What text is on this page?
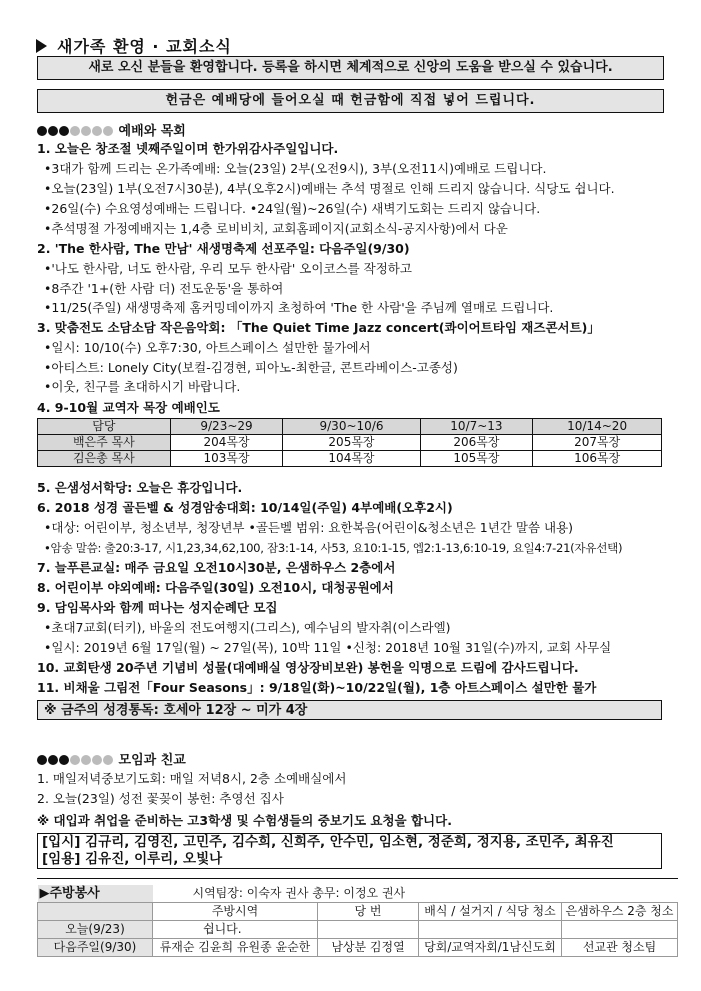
새가족 환영 · 교회소식
새로 오신 분들을 환영합니다. 등록을 하시면 체계적으로 신앙의 도움을 받으실 수 있습니다.
헌금은 예배당에 들어오실 때 헌금함에 직접 넣어 드립니다.
예배와 목회
1. 오늘은 창조절 넷째주일이며 한가위감사주일입니다.
•3대가 함께 드리는 온가족예배: 오늘(23일) 2부(오전9시), 3부(오전11시)예배로 드립니다.
•오늘(23일) 1부(오전7시30분), 4부(오후2시)예배는 추석 명절로 인해 드리지 않습니다. 식당도 쉽니다.
•26일(수) 수요영성예배는 드립니다. •24일(월)~26일(수) 새벽기도회는 드리지 않습니다.
•추석명절 가정예배지는 1,4층 로비비치, 교회홈페이지(교회소식-공지사항)에서 다운
2. 'The 한사람, The 만남' 새생명축제 선포주일: 다음주일(9/30)
•'나도 한사람, 너도 한사람, 우리 모두 한사람' 오이코스를 작정하고
•8주간 '1+(한 사람 더) 전도운동'을 통하여
•11/25(주일) 새생명축제 홈커밍데이까지 초청하여 'The 한 사람'을 주님께 열매로 드립니다.
3. 맞춤전도 소담소담 작은음악회: 「The Quiet Time Jazz concert(콰이어트타임 재즈콘서트)」
•일시: 10/10(수) 오후7:30, 아트스페이스 설만한 물가에서
•아티스트: Lonely City(보컬-김경현, 피아노-최한글, 콘트라베이스-고종성)
•이웃, 친구를 초대하시기 바랍니다.
4. 9-10월 교역자 목장 예배인도
담당	9/23~29	9/30~10/6	10/7~13	10/14~20
백은주 목사	204목장	205목장	206목장	207목장
김은총 목사	103목장	104목장	105목장	106목장
5. 은샘성서학당: 오늘은 휴강입니다.
6. 2018 성경 골든벨 & 성경암송대회: 10/14일(주일) 4부예배(오후2시)
•대상: 어린이부, 청소년부, 청장년부 •골든벨 범위: 요한복음(어린이&청소년은 1년간 말씀 내용)
•암송 말씀: 출20:3-17, 시1,23,34,62,100, 잠3:1-14, 사53, 요10:1-15, 엡2:1-13,6:10-19, 요일4:7-21(자유선택)
7. 늘푸른교실: 매주 금요일 오전10시30분, 은샘하우스 2층에서
8. 어린이부 야외예배: 다음주일(30일) 오전10시, 대청공원에서
9. 담임목사와 함께 떠나는 성지순례단 모집
•초대7교회(터키), 바울의 전도여행지(그리스), 예수님의 발자취(이스라엘)
•일시: 2019년 6월 17일(월) ~ 27일(목), 10박 11일 •신청: 2018년 10월 31일(수)까지, 교회 사무실
10. 교회탄생 20주년 기념비 성물(대예배실 영상장비보완) 봉헌을 익명으로 드림에 감사드립니다.
11. 비채울 그림전「Four Seasons」: 9/18일(화)~10/22일(월), 1층 아트스페이스 설만한 물가
※ 금주의 성경통독: 호세아 12장 ~ 미가 4장
모임과 친교
1. 매일저녁중보기도회: 매일 저녁8시, 2층 소예배실에서
2. 오늘(23일) 성전 꽃꽂이 봉헌: 추영선 집사
※ 대입과 취업을 준비하는 고3학생 및 수험생들의 중보기도 요청을 합니다.
[입시] 김규리, 김영진, 고민주, 김수희, 신희주, 안수민, 임소현, 정준희, 정지용, 조민주, 최유진
[임용] 김유진, 이루리, 오빛나
▶주방봉사	시역팀장: 이숙자 권사 총무: 이정오 권사			
	주방시역	당 번	배식 / 설거지 / 식당 청소	은샘하우스 2층 청소
오늘(9/23)	쉽니다.			
다음주일(9/30)	류재순 김윤희 유원종 윤순한	남상분 김정열	당회/교역자회/1남신도회	선교관 청소팀
